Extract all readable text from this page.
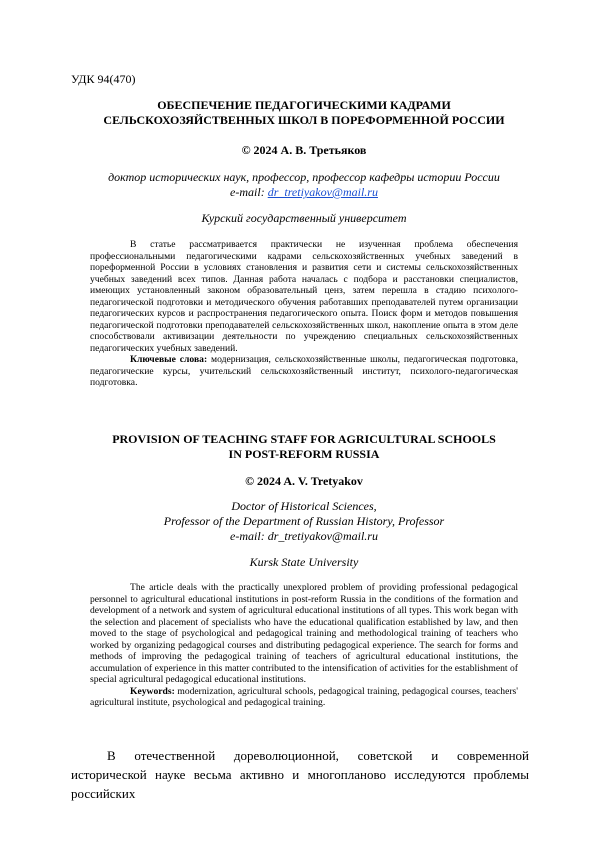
УДК 94(470)
ОБЕСПЕЧЕНИЕ ПЕДАГОГИЧЕСКИМИ КАДРАМИ
СЕЛЬСКОХОЗЯЙСТВЕННЫХ ШКОЛ В ПОРЕФОРМЕННОЙ РОССИИ
© 2024 А. В. Третьяков
доктор исторических наук, профессор, профессор кафедры истории России
e-mail: dr_tretiyakov@mail.ru
Курский государственный университет

В статье рассматривается практически не изученная проблема обеспечения профессиональными педагогическими кадрами сельскохозяйственных учебных заведений в пореформенной России в условиях становления и развития сети и системы сельскохозяйственных учебных заведений всех типов. Данная работа началась с подбора и расстановки специалистов, имеющих установленный законом образовательный ценз, затем перешла в стадию психолого-педагогической подготовки и методического обучения работавших преподавателей путем организации педагогических курсов и распространения педагогического опыта. Поиск форм и методов повышения педагогической подготовки преподавателей сельскохозяйственных школ, накопление опыта в этом деле способствовали активизации деятельности по учреждению специальных сельскохозяйственных педагогических учебных заведений.

Ключевые слова: модернизация, сельскохозяйственные школы, педагогическая подготовка, педагогические курсы, учительский сельскохозяйственный институт, психолого-педагогическая подготовка.

PROVISION OF TEACHING STAFF FOR AGRICULTURAL SCHOOLS
IN POST-REFORM RUSSIA
© 2024 A. V. Tretyakov
Doctor of Historical Sciences,
Professor of the Department of Russian History, Professor
e-mail: dr_tretiyakov@mail.ru
Kursk State University

The article deals with the practically unexplored problem of providing professional pedagogical personnel to agricultural educational institutions in post-reform Russia in the conditions of the formation and development of a network and system of agricultural educational institutions of all types. This work began with the selection and placement of specialists who have the educational qualification established by law, and then moved to the stage of psychological and pedagogical training and methodological training of teachers who worked by organizing pedagogical courses and distributing pedagogical experience. The search for forms and methods of improving the pedagogical training of teachers of agricultural educational institutions, the accumulation of experience in this matter contributed to the intensification of activities for the establishment of special agricultural pedagogical educational institutions.

Keywords: modernization, agricultural schools, pedagogical training, pedagogical courses, teachers' agricultural institute, psychological and pedagogical training.

В отечественной дореволюционной, советской и современной исторической науке весьма активно и многопланово исследуются проблемы российских
